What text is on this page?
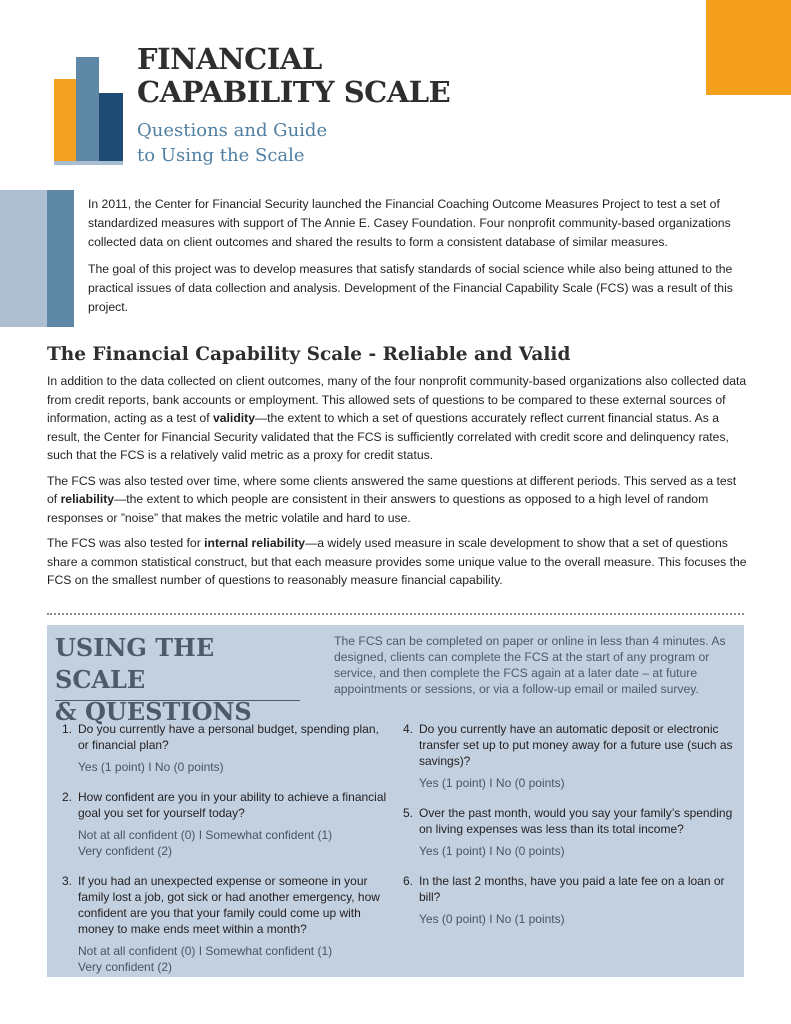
FINANCIAL
CAPABILITY SCALE
Questions and Guide
to Using the Scale

In 2011, the Center for Financial Security launched the Financial Coaching Outcome Measures Project to test a set of standardized measures with support of The Annie E. Casey Foundation. Four nonprofit community-based organizations collected data on client outcomes and shared the results to form a consistent database of similar measures.

The goal of this project was to develop measures that satisfy standards of social science while also being attuned to the practical issues of data collection and analysis. Development of the Financial Capability Scale (FCS) was a result of this project.

The Financial Capability Scale - Reliable and Valid

In addition to the data collected on client outcomes, many of the four nonprofit community-based organizations also collected data from credit reports, bank accounts or employment. This allowed sets of questions to be compared to these external sources of information, acting as a test of validity—the extent to which a set of questions accurately reflect current financial status. As a result, the Center for Financial Security validated that the FCS is sufficiently correlated with credit score and delinquency rates, such that the FCS is a relatively valid metric as a proxy for credit status.

The FCS was also tested over time, where some clients answered the same questions at different periods. This served as a test of reliability—the extent to which people are consistent in their answers to questions as opposed to a high level of random responses or ”noise” that makes the metric volatile and hard to use.

The FCS was also tested for internal reliability—a widely used measure in scale development to show that a set of questions share a common statistical construct, but that each measure provides some unique value to the overall measure. This focuses the FCS on the smallest number of questions to reasonably measure financial capability.

USING THE SCALE
& QUESTIONS

The FCS can be completed on paper or online in less than 4 minutes. As designed, clients can complete the FCS at the start of any program or service, and then complete the FCS again at a later date – at future appointments or sessions, or via a follow-up email or mailed survey.

1. Do you currently have a personal budget, spending plan, or financial plan?
Yes (1 point) I No (0 points)
2. How confident are you in your ability to achieve a financial goal you set for yourself today?
Not at all confident (0) I Somewhat confident (1)
Very confident (2)
3. If you had an unexpected expense or someone in your family lost a job, got sick or had another emergency, how confident are you that your family could come up with money to make ends meet within a month?
Not at all confident (0) I Somewhat confident (1)
Very confident (2)
4. Do you currently have an automatic deposit or electronic transfer set up to put money away for a future use (such as savings)?
Yes (1 point) I No (0 points)
5. Over the past month, would you say your family’s spending on living expenses was less than its total income?
Yes (1 point) I No (0 points)
6. In the last 2 months, have you paid a late fee on a loan or bill?
Yes (0 point) I No (1 points)
